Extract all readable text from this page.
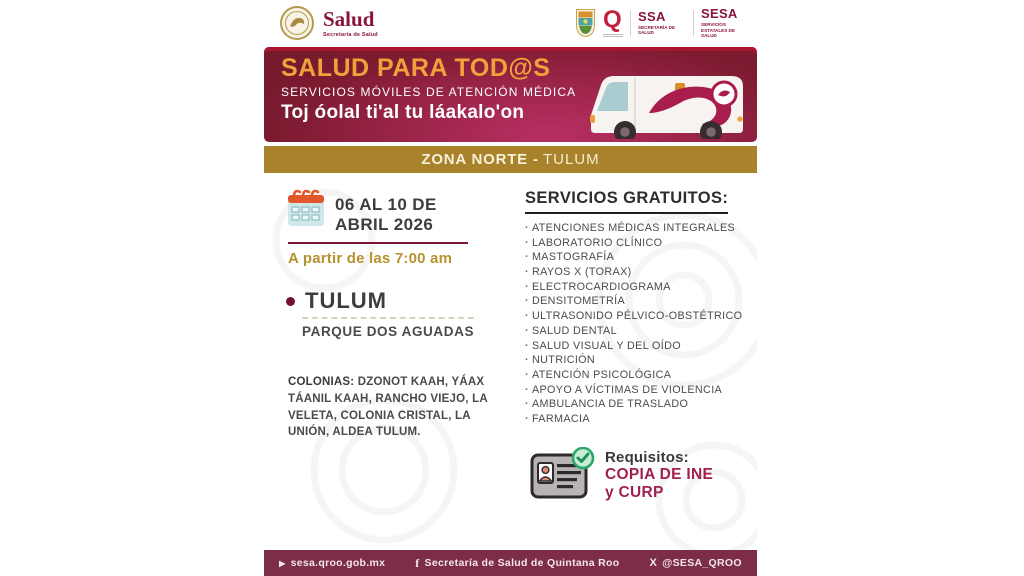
Salud
Secretaría de Salud
Q SSA
SECRETARÍA DE SALUD
SESA
SERVICIOS ESTATALES DE SALUD
SALUD PARA TOD@S
SERVICIOS MÓVILES DE ATENCIÓN MÉDICA
Toj óolal ti'al tu láakalo'on
ZONA NORTE - TULUM
06 AL 10 DE
ABRIL 2026
A partir de las 7:00 am
TULUM
PARQUE DOS AGUADAS

COLONIAS: DZONOT KAAH, YÁAX TÁANIL KAAH, RANCHO VIEJO, LA VELETA, COLONIA CRISTAL, LA UNIÓN, ALDEA TULUM.

SERVICIOS GRATUITOS:
· ATENCIONES MÉDICAS INTEGRALES
· LABORATORIO CLÍNICO
· MASTOGRAFÍA
· RAYOS X (TORAX)
· ELECTROCARDIOGRAMA
· DENSITOMETRÍA
· ULTRASONIDO PÉLVICO-OBSTÉTRICO
· SALUD DENTAL
· SALUD VISUAL Y DEL OÍDO
· NUTRICIÓN
· ATENCIÓN PSICOLÓGICA
· APOYO A VÍCTIMAS DE VIOLENCIA
· AMBULANCIA DE TRASLADO
· FARMACIA
Requisitos:
COPIA DE INE
y CURP
▶ sesa.qroo.gob.mx	f Secretaría de Salud de Quintana Roo	X @SESA_QROO
